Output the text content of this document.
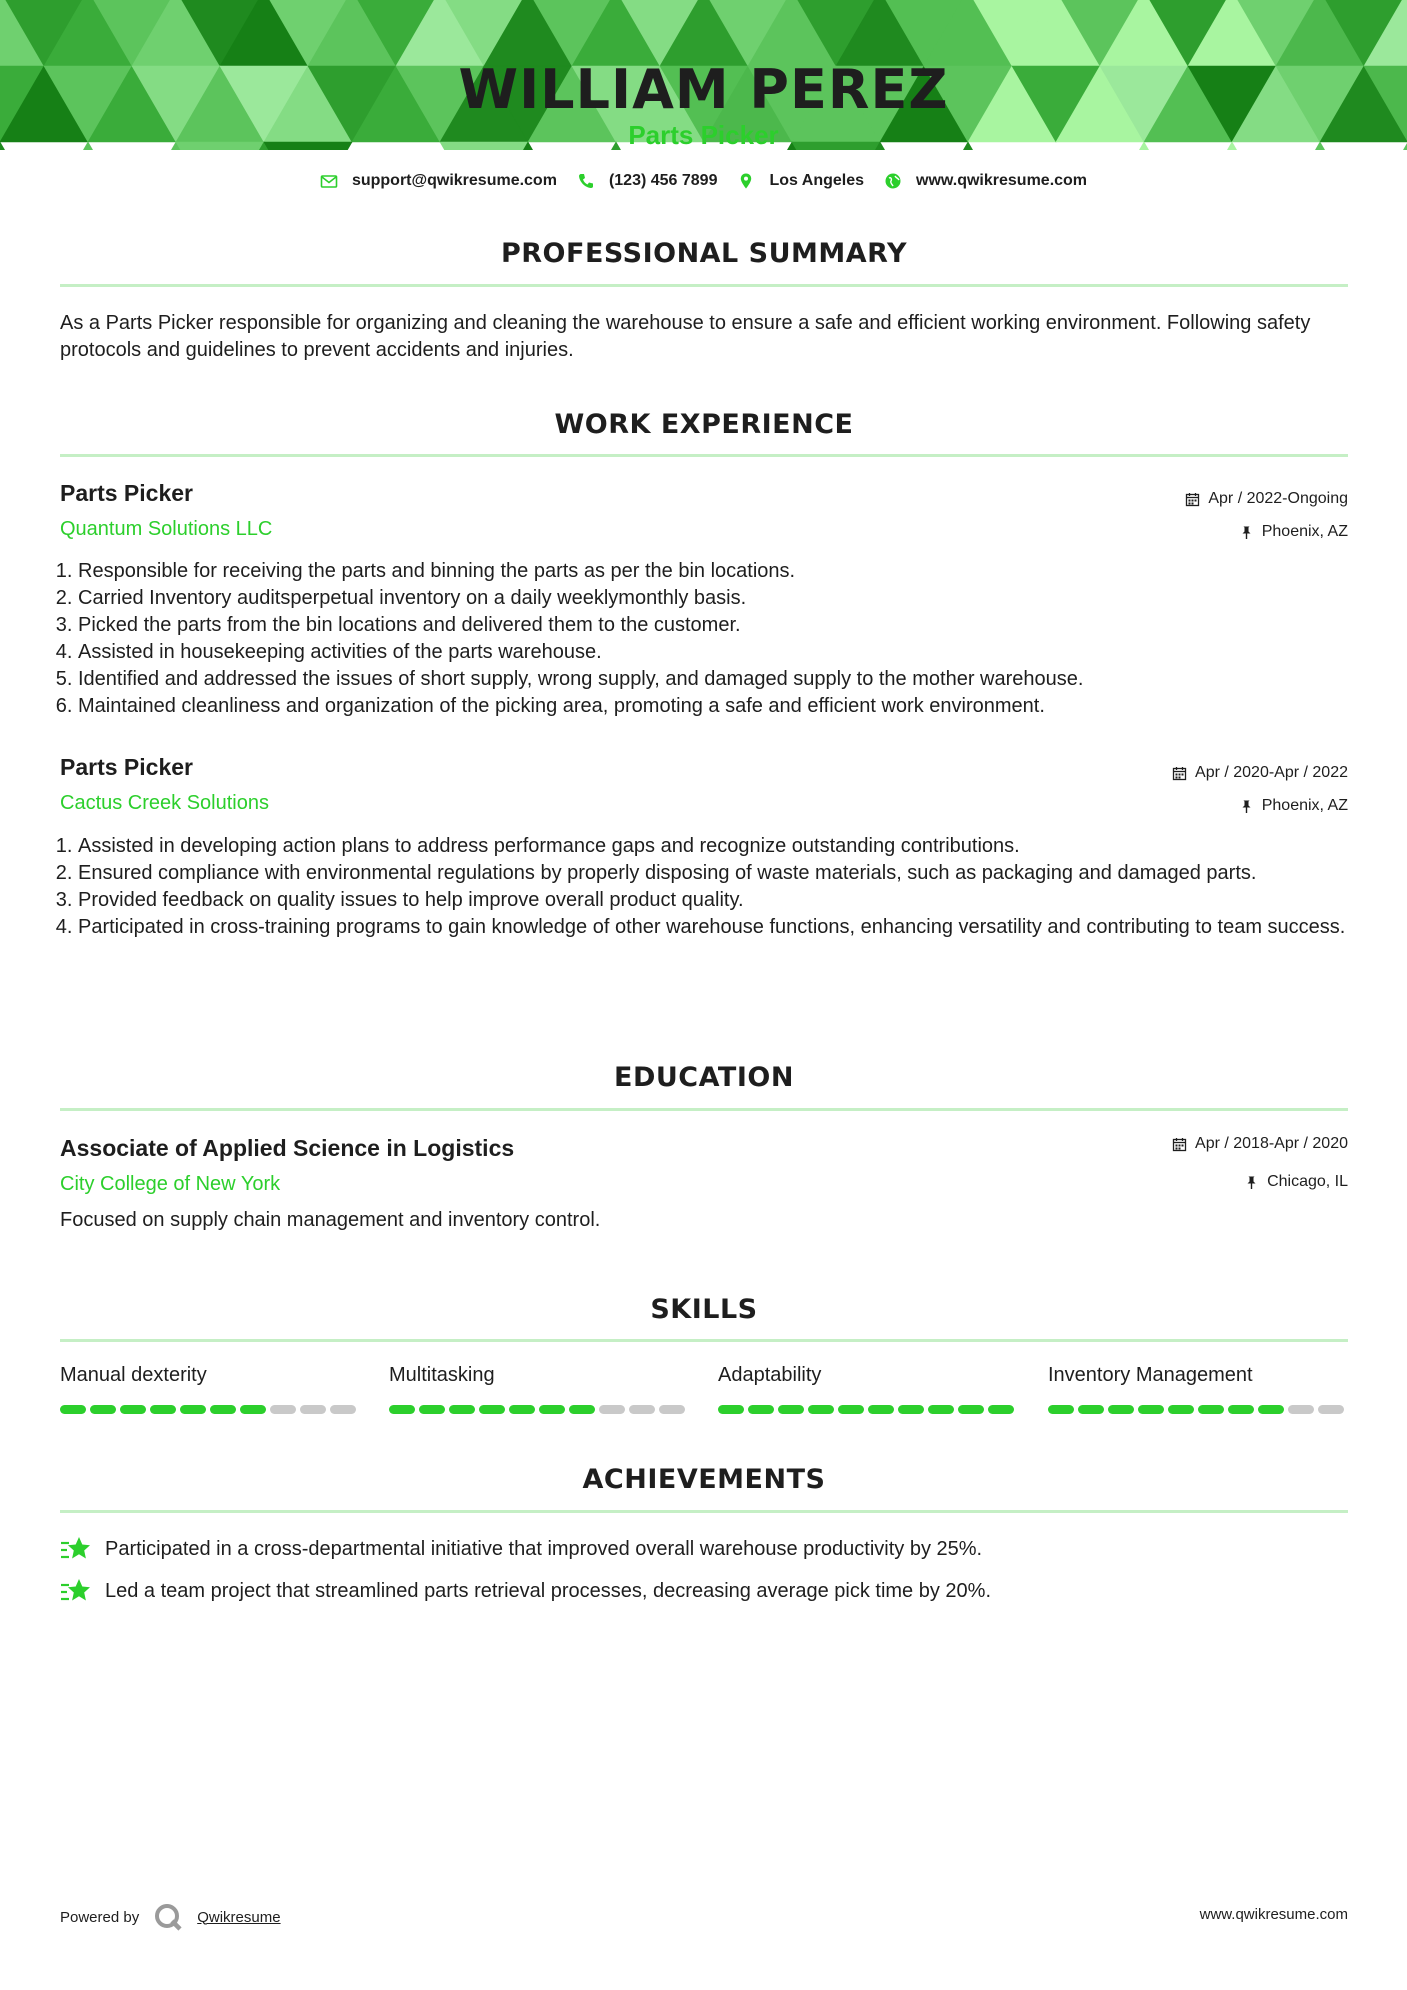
WILLIAM PEREZ
Parts Picker
support@qwikresume.com	(123) 456 7899	Los Angeles	www.qwikresume.com
PROFESSIONAL SUMMARY
As a Parts Picker responsible for organizing and cleaning the warehouse to ensure a safe and efficient working environment. Following safety protocols and guidelines to prevent accidents and injuries.
WORK EXPERIENCE
Parts Picker	Apr / 2022-Ongoing
Quantum Solutions LLC	Phoenix, AZ
1. Responsible for receiving the parts and binning the parts as per the bin locations.
2. Carried Inventory auditsperpetual inventory on a daily weeklymonthly basis.
3. Picked the parts from the bin locations and delivered them to the customer.
4. Assisted in housekeeping activities of the parts warehouse.
5. Identified and addressed the issues of short supply, wrong supply, and damaged supply to the mother warehouse.
6. Maintained cleanliness and organization of the picking area, promoting a safe and efficient work environment.
Parts Picker	Apr / 2020-Apr / 2022
Cactus Creek Solutions	Phoenix, AZ
1. Assisted in developing action plans to address performance gaps and recognize outstanding contributions.
2. Ensured compliance with environmental regulations by properly disposing of waste materials, such as packaging and damaged parts.
3. Provided feedback on quality issues to help improve overall product quality.
4. Participated in cross-training programs to gain knowledge of other warehouse functions, enhancing versatility and contributing to team success.
EDUCATION
Associate of Applied Science in Logistics	Apr / 2018-Apr / 2020
City College of New York	Chicago, IL
Focused on supply chain management and inventory control.
SKILLS
Manual dexterity	Multitasking	Adaptability	Inventory Management
ACHIEVEMENTS
Participated in a cross-departmental initiative that improved overall warehouse productivity by 25%.
Led a team project that streamlined parts retrieval processes, decreasing average pick time by 20%.
Powered by	Qwikresume	www.qwikresume.com
